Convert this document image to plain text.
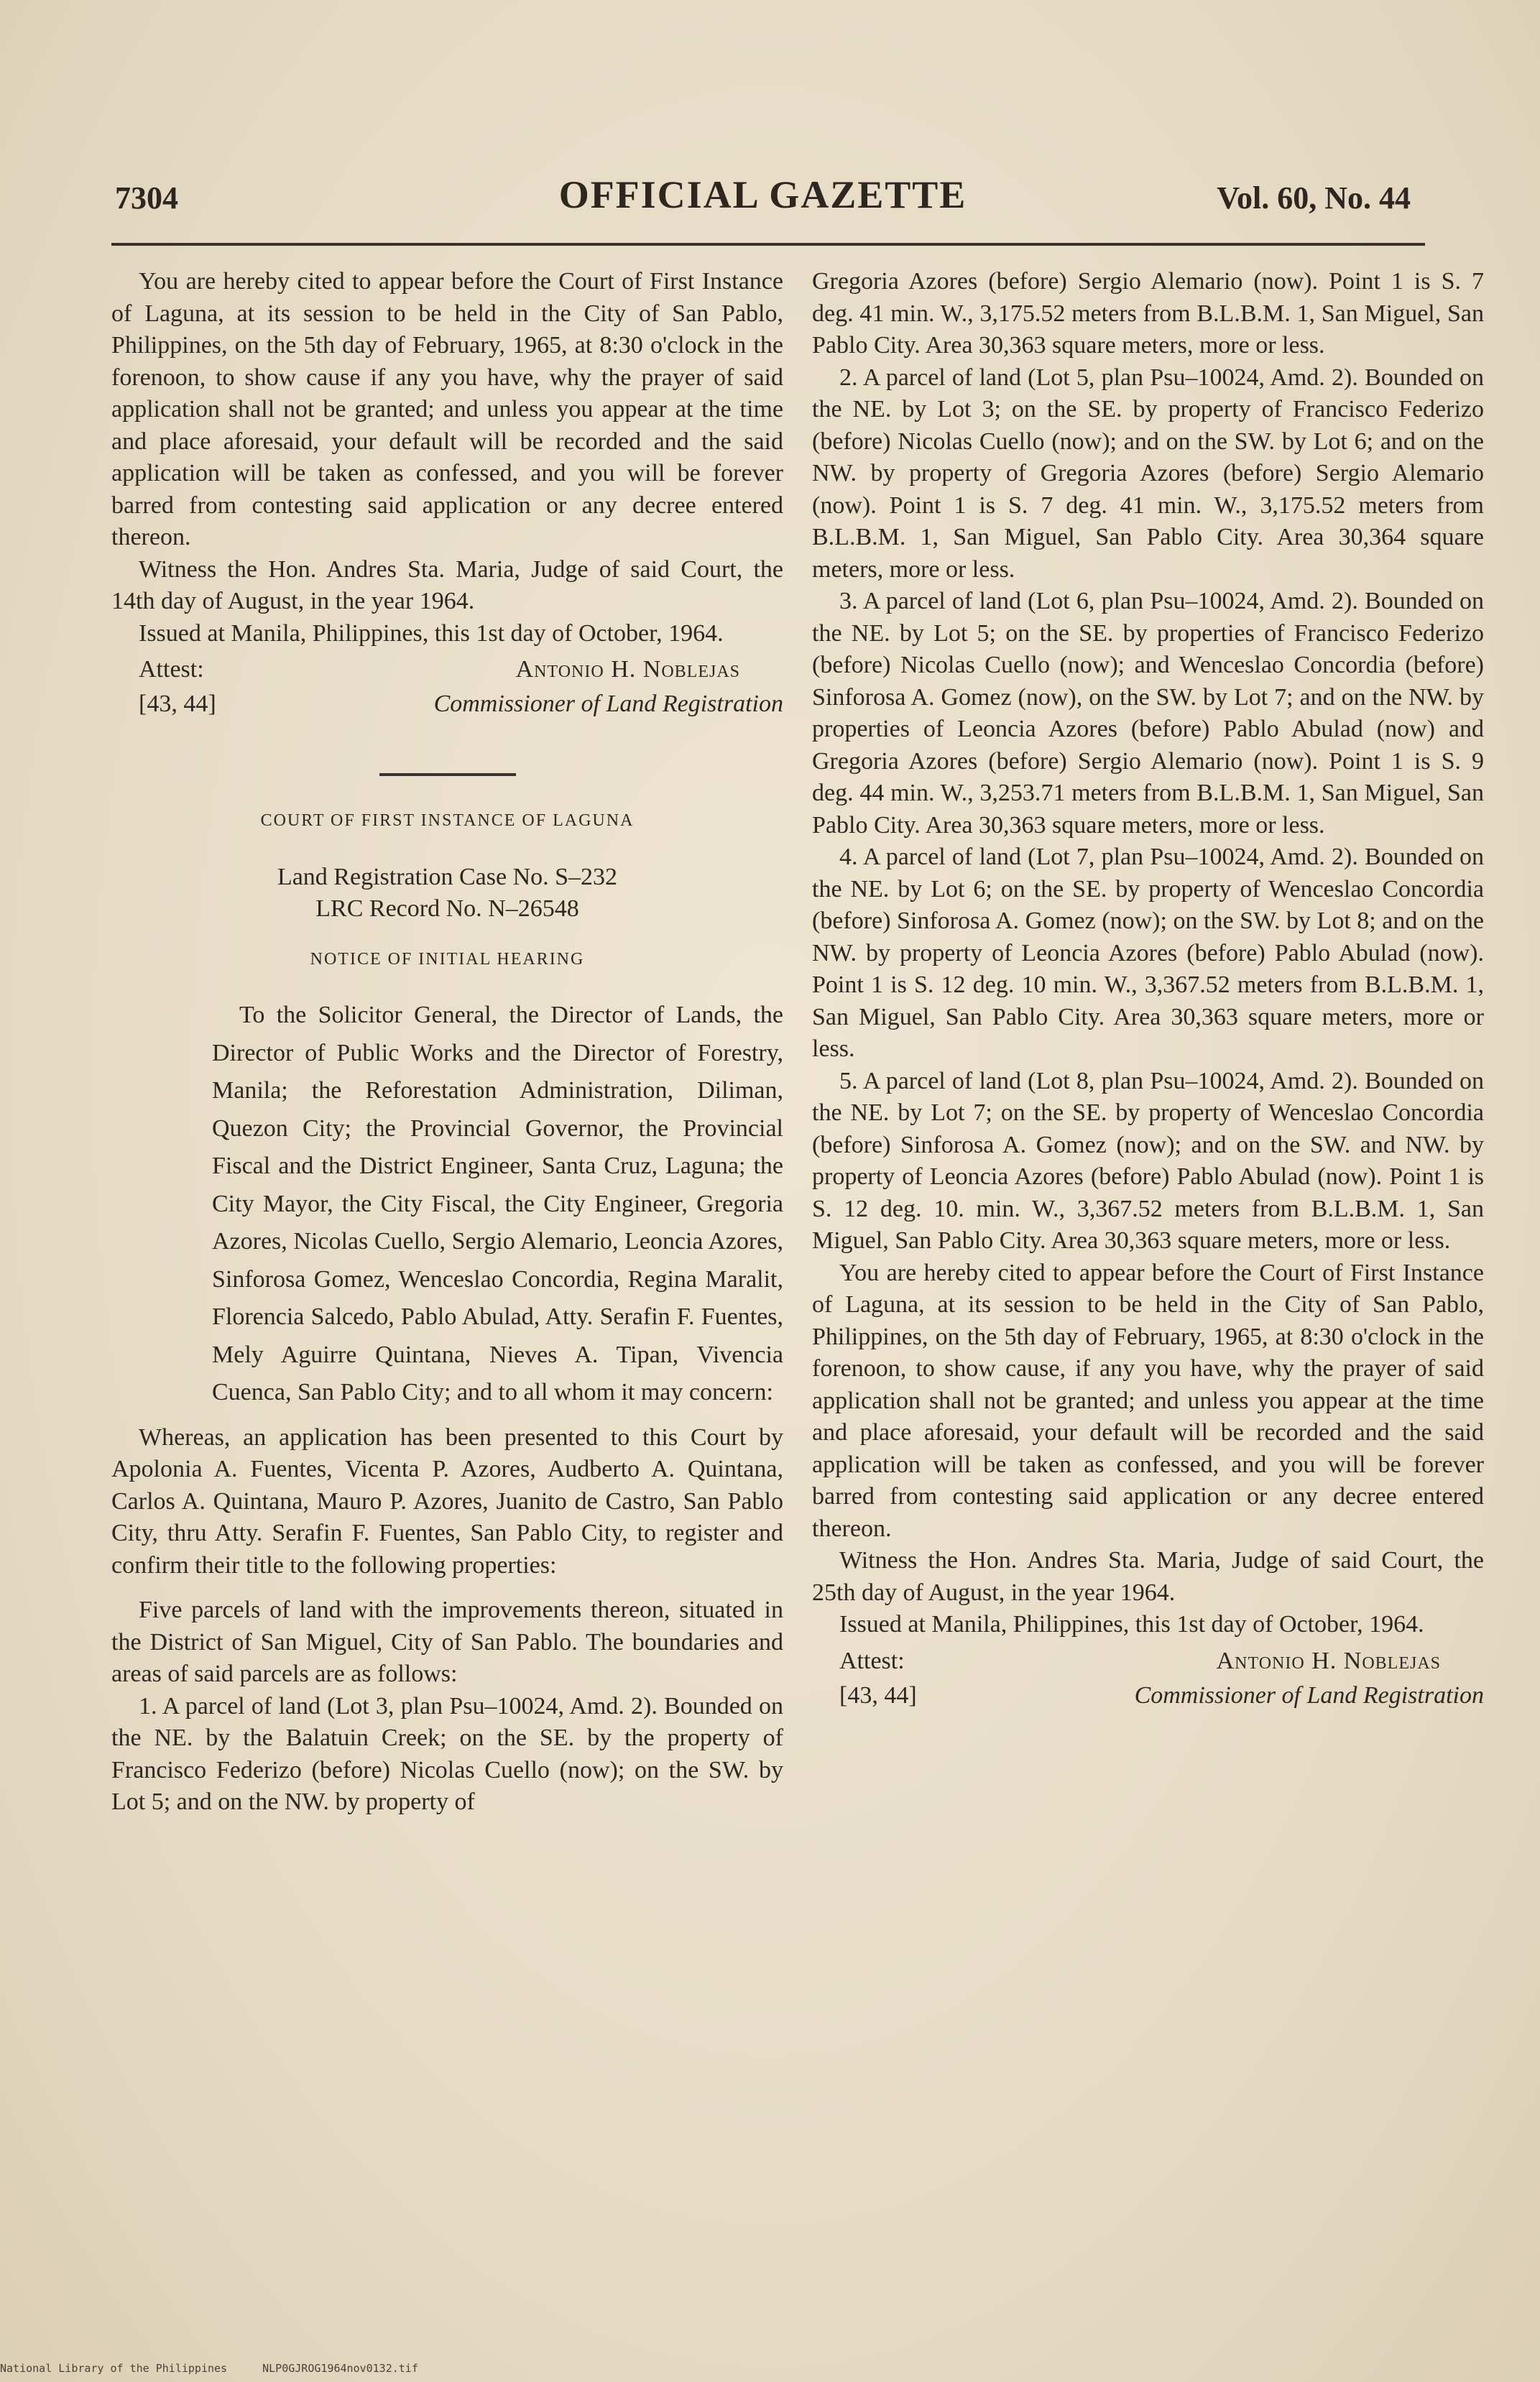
7304	OFFICIAL GAZETTE	Vol. 60, No. 44

You are hereby cited to appear before the Court of First Instance of Laguna, at its session to be held in the City of San Pablo, Philippines, on the 5th day of February, 1965, at 8:30 o'clock in the forenoon, to show cause if any you have, why the prayer of said application shall not be granted; and unless you appear at the time and place aforesaid, your default will be recorded and the said application will be taken as confessed, and you will be forever barred from contesting said application or any decree entered thereon.

Witness the Hon. Andres Sta. Maria, Judge of said Court, the 14th day of August, in the year 1964.

Issued at Manila, Philippines, this 1st day of October, 1964.

Attest:
[43, 44]
Antonio H. Noblejas
Commissioner of Land Registration
COURT OF FIRST INSTANCE OF LAGUNA
Land Registration Case No. S–232
LRC Record No. N–26548
NOTICE OF INITIAL HEARING

To the Solicitor General, the Director of Lands, the Director of Public Works and the Director of Forestry, Manila; the Reforestation Administration, Diliman, Quezon City; the Provincial Governor, the Provincial Fiscal and the District Engineer, Santa Cruz, Laguna; the City Mayor, the City Fiscal, the City Engineer, Gregoria Azores, Nicolas Cuello, Sergio Alemario, Leoncia Azores, Sinforosa Gomez, Wenceslao Concordia, Regina Maralit, Florencia Salcedo, Pablo Abulad, Atty. Serafin F. Fuentes, Mely Aguirre Quintana, Nieves A. Tipan, Vivencia Cuenca, San Pablo City; and to all whom it may concern:

Whereas, an application has been presented to this Court by Apolonia A. Fuentes, Vicenta P. Azores, Audberto A. Quintana, Carlos A. Quintana, Mauro P. Azores, Juanito de Castro, San Pablo City, thru Atty. Serafin F. Fuentes, San Pablo City, to register and confirm their title to the following properties:

Five parcels of land with the improvements thereon, situated in the District of San Miguel, City of San Pablo. The boundaries and areas of said parcels are as follows:

1. A parcel of land (Lot 3, plan Psu–10024, Amd. 2). Bounded on the NE. by the Balatuin Creek; on the SE. by the property of Francisco Federizo (before) Nicolas Cuello (now); on the SW. by Lot 5; and on the NW. by property of

Gregoria Azores (before) Sergio Alemario (now). Point 1 is S. 7 deg. 41 min. W., 3,175.52 meters from B.L.B.M. 1, San Miguel, San Pablo City. Area 30,363 square meters, more or less.

2. A parcel of land (Lot 5, plan Psu–10024, Amd. 2). Bounded on the NE. by Lot 3; on the SE. by property of Francisco Federizo (before) Nicolas Cuello (now); and on the SW. by Lot 6; and on the NW. by property of Gregoria Azores (before) Sergio Alemario (now). Point 1 is S. 7 deg. 41 min. W., 3,175.52 meters from B.L.B.M. 1, San Miguel, San Pablo City. Area 30,364 square meters, more or less.

3. A parcel of land (Lot 6, plan Psu–10024, Amd. 2). Bounded on the NE. by Lot 5; on the SE. by properties of Francisco Federizo (before) Nicolas Cuello (now); and Wenceslao Concordia (before) Sinforosa A. Gomez (now), on the SW. by Lot 7; and on the NW. by properties of Leoncia Azores (before) Pablo Abulad (now) and Gregoria Azores (before) Sergio Alemario (now). Point 1 is S. 9 deg. 44 min. W., 3,253.71 meters from B.L.B.M. 1, San Miguel, San Pablo City. Area 30,363 square meters, more or less.

4. A parcel of land (Lot 7, plan Psu–10024, Amd. 2). Bounded on the NE. by Lot 6; on the SE. by property of Wenceslao Concordia (before) Sinforosa A. Gomez (now); on the SW. by Lot 8; and on the NW. by property of Leoncia Azores (before) Pablo Abulad (now). Point 1 is S. 12 deg. 10 min. W., 3,367.52 meters from B.L.B.M. 1, San Miguel, San Pablo City. Area 30,363 square meters, more or less.

5. A parcel of land (Lot 8, plan Psu–10024, Amd. 2). Bounded on the NE. by Lot 7; on the SE. by property of Wenceslao Concordia (before) Sinforosa A. Gomez (now); and on the SW. and NW. by property of Leoncia Azores (before) Pablo Abulad (now). Point 1 is S. 12 deg. 10. min. W., 3,367.52 meters from B.L.B.M. 1, San Miguel, San Pablo City. Area 30,363 square meters, more or less.

You are hereby cited to appear before the Court of First Instance of Laguna, at its session to be held in the City of San Pablo, Philippines, on the 5th day of February, 1965, at 8:30 o'clock in the forenoon, to show cause, if any you have, why the prayer of said application shall not be granted; and unless you appear at the time and place aforesaid, your default will be recorded and the said application will be taken as confessed, and you will be forever barred from contesting said application or any decree entered thereon.

Witness the Hon. Andres Sta. Maria, Judge of said Court, the 25th day of August, in the year 1964.

Issued at Manila, Philippines, this 1st day of October, 1964.

Attest:
[43, 44]
Antonio H. Noblejas
Commissioner of Land Registration
National Library of the Philippines	NLP0GJROG1964nov0132.tif
